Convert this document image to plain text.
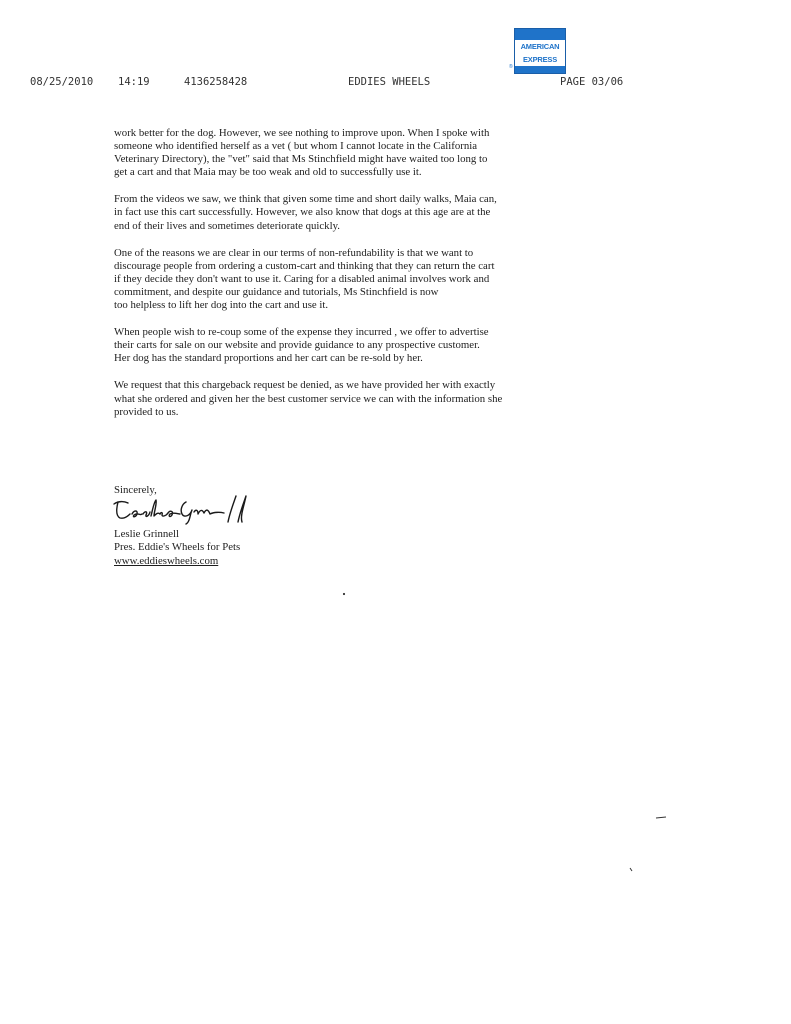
08/25/2010 14:19	4136258428	EDDIES WHEELS	PAGE 03/06
AMERICAN
EXPRESS
®

work better for the dog. However, we see nothing to improve upon. When I spoke with
someone who identified herself as a vet ( but whom I cannot locate in the California
Veterinary Directory), the "vet" said that Ms Stinchfield might have waited too long to
get a cart and that Maia may be too weak and old to successfully use it.

From the videos we saw, we think that given some time and short daily walks, Maia can,
in fact use this cart successfully. However, we also know that dogs at this age are at the
end of their lives and sometimes deteriorate quickly.

One of the reasons we are clear in our terms of non-refundability is that we want to
discourage people from ordering a custom-cart and thinking that they can return the cart
if they decide they don't want to use it. Caring for a disabled animal involves work and
commitment, and despite our guidance and tutorials, Ms Stinchfield is now
too helpless to lift her dog into the cart and use it.

When people wish to re-coup some of the expense they incurred , we offer to advertise
their carts for sale on our website and provide guidance to any prospective customer.
Her dog has the standard proportions and her cart can be re-sold by her.

We request that this chargeback request be denied, as we have provided her with exactly
what she ordered and given her the best customer service we can with the information she
provided to us.

Sincerely,
Leslie Grinnell
Pres. Eddie's Wheels for Pets
www.eddieswheels.com
